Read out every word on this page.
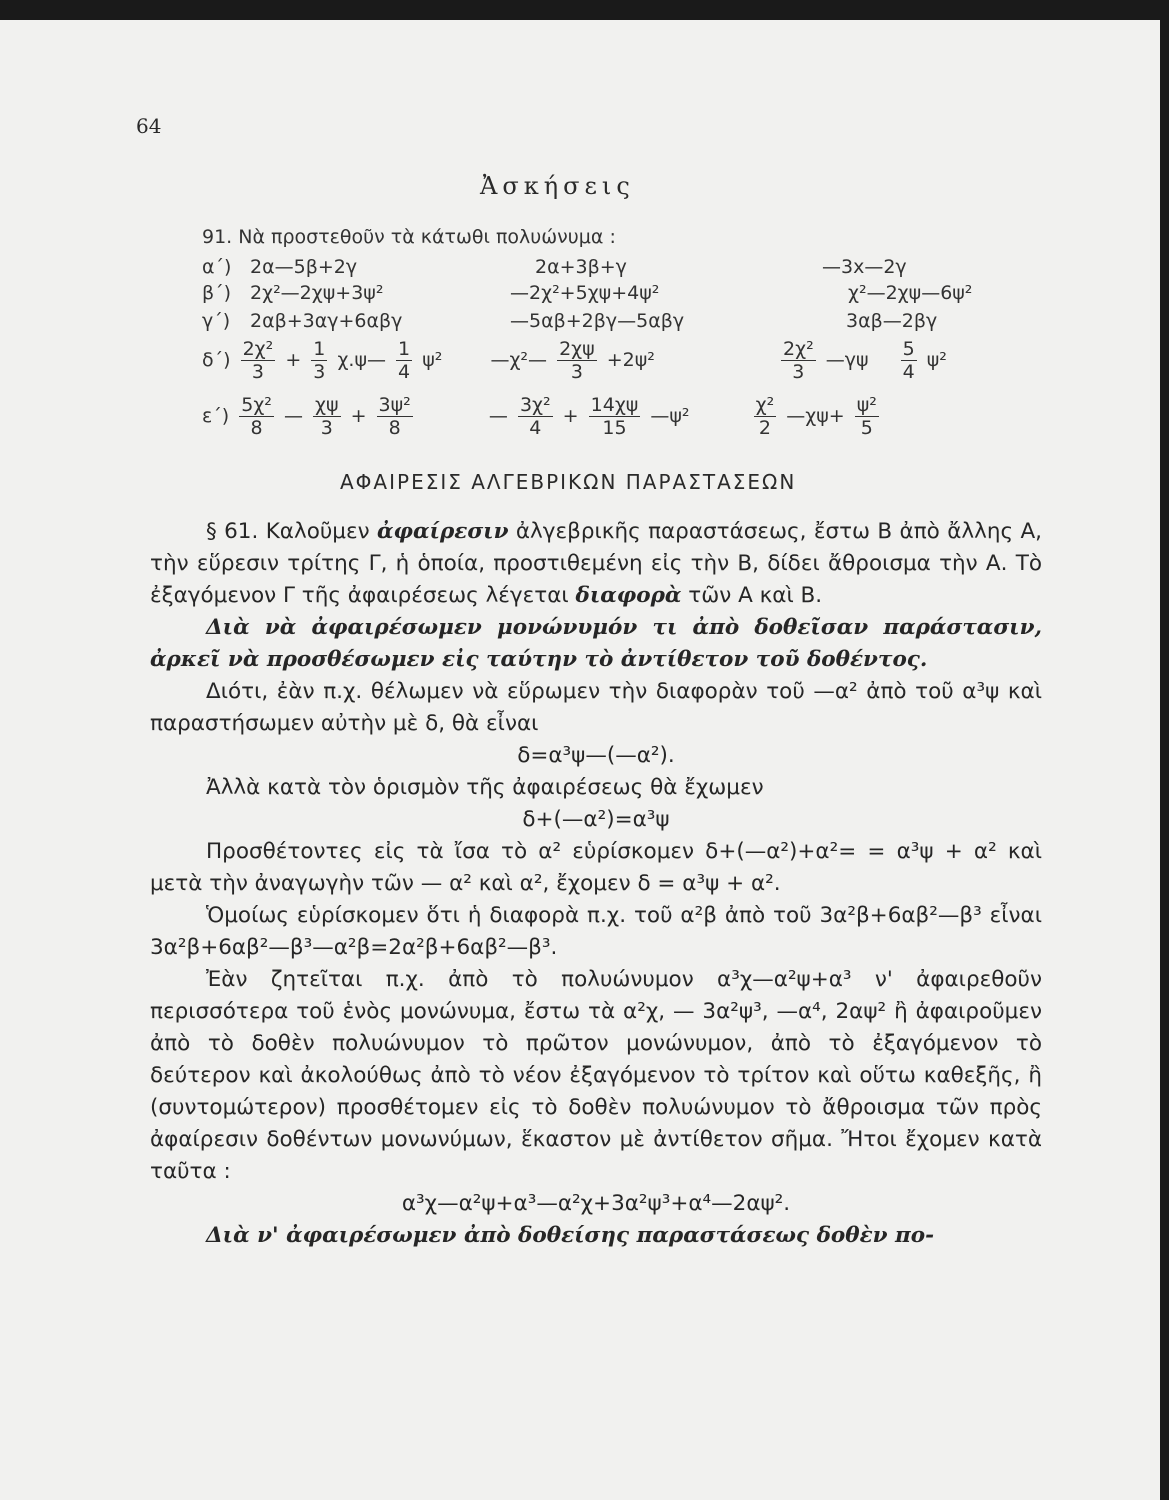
64
Ἀσκήσεις
91. Νὰ προστεθοῦν τὰ κάτωθι πολυώνυμα :
α΄) 2α—5β+2γ	2α+3β+γ	—3x—2γ
β΄) 2χ²—2χψ+3ψ²	—2χ²+5χψ+4ψ²	χ²—2χψ—6ψ²
γ΄) 2αβ+3αγ+6αβγ	—5αβ+2βγ—5αβγ	3αβ—2βγ
$\delta΄) \frac{\text{2χ²}}{3} + \frac{1}{3}$ χ.ψ— $\frac{1}{4} \psi^2$	—χ²— $\frac{2\chi\psi}{3} +2\psi^2$	$\frac{\text{2χ²}}{3}$ —γψ $\frac{5}{4} \psi^2$
$\varepsilon΄) \frac{\text{5χ²}}{8}$ — $\frac{\chi\psi}{3} + \frac{\text{3ψ²}}{8}$	— $\frac{\text{3χ²}}{4} + \frac{14\chi\psi}{15}$ —ψ²	$\frac{\text{χ²}}{2}$ —χψ+ $\frac{\text{ψ²}}{5}$
ΑΦΑΙΡΕΣΙΣ ΑΛΓΕΒΡΙΚΩΝ ΠΑΡΑΣΤΑΣΕΩΝ

§ 61. Καλοῦμεν ἀφαίρεσιν ἀλγεβρικῆς παραστάσεως, ἔστω Β ἀπὸ ἄλλης Α, τὴν εὕρεσιν τρίτης Γ, ἡ ὁποία, προστιθεμένη εἰς τὴν Β, δίδει ἄθροισμα τὴν Α. Τὸ ἐξαγόμενον Γ τῆς ἀφαιρέσεως λέγεται διαφορὰ τῶν Α καὶ Β.

Διὰ νὰ ἀφαιρέσωμεν μονώνυμόν τι ἀπὸ δοθεῖσαν παράστασιν, ἀρκεῖ νὰ προσθέσωμεν εἰς ταύτην τὸ ἀντίθετον τοῦ δοθέντος.

Διότι, ἐὰν π.χ. θέλωμεν νὰ εὕρωμεν τὴν διαφορὰν τοῦ —α² ἀπὸ τοῦ α³ψ καὶ παραστήσωμεν αὐτὴν μὲ δ, θὰ εἶναι

δ=α³ψ—(—α²).

Ἀλλὰ κατὰ τὸν ὁρισμὸν τῆς ἀφαιρέσεως θὰ ἔχωμεν

δ+(—α²)=α³ψ

Προσθέτοντες εἰς τὰ ἴσα τὸ α² εὑρίσκομεν δ+(—α²)+α²= = α³ψ + α² καὶ μετὰ τὴν ἀναγωγὴν τῶν — α² καὶ α², ἔχομεν δ = α³ψ + α².

Ὁμοίως εὑρίσκομεν ὅτι ἡ διαφορὰ π.χ. τοῦ α²β ἀπὸ τοῦ 3α²β+6αβ²—β³ εἶναι 3α²β+6αβ²—β³—α²β=2α²β+6αβ²—β³.

Ἐὰν ζητεῖται π.χ. ἀπὸ τὸ πολυώνυμον α³χ—α²ψ+α³ ν' ἀφαιρεθοῦν περισσότερα τοῦ ἑνὸς μονώνυμα, ἔστω τὰ α²χ, — 3α²ψ³, —α⁴, 2αψ² ἢ ἀφαιροῦμεν ἀπὸ τὸ δοθὲν πολυώνυμον τὸ πρῶτον μονώνυμον, ἀπὸ τὸ ἐξαγόμενον τὸ δεύτερον καὶ ἀκολούθως ἀπὸ τὸ νέον ἐξαγόμενον τὸ τρίτον καὶ οὕτω καθεξῆς, ἢ (συντομώτερον) προσθέτομεν εἰς τὸ δοθὲν πολυώνυμον τὸ ἄθροισμα τῶν πρὸς ἀφαίρεσιν δοθέντων μονωνύμων, ἕκαστον μὲ ἀντίθετον σῆμα. Ἤτοι ἔχομεν κατὰ ταῦτα :

α³χ—α²ψ+α³—α²χ+3α²ψ³+α⁴—2αψ².

Διὰ ν' ἀφαιρέσωμεν ἀπὸ δοθείσης παραστάσεως δοθὲν πο-
